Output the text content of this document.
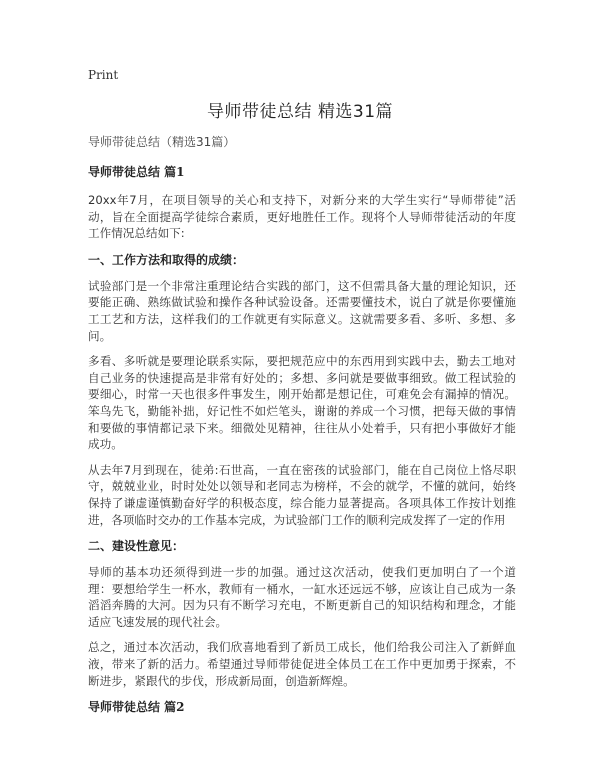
Print
导师带徒总结 精选31篇

导师带徒总结（精选31篇）

导师带徒总结 篇1

20xx年7月，在项目领导的关心和支持下，对新分来的大学生实行“导师带徒”活动，旨在全面提高学徒综合素质，更好地胜任工作。现将个人导师带徒活动的年度工作情况总结如下:

一、工作方法和取得的成绩：

试验部门是一个非常注重理论结合实践的部门，这不但需具备大量的理论知识，还要能正确、熟练做试验和操作各种试验设备。还需要懂技术，说白了就是你要懂施工工艺和方法，这样我们的工作就更有实际意义。这就需要多看、多听、多想、多问。

多看、多听就是要理论联系实际，要把规范应中的东西用到实践中去，勤去工地对自己业务的快速提高是非常有好处的；多想、多问就是要做事细致。做工程试验的要细心，时常一天也很多件事发生，刚开始都是想记住，可难免会有漏掉的情况。笨鸟先飞，勤能补拙，好记性不如烂笔头，谢谢的养成一个习惯，把每天做的事情和要做的事情都记录下来。细微处见精神，往往从小处着手，只有把小事做好才能成功。

从去年7月到现在，徒弟:石世高，一直在密孩的试验部门，能在自己岗位上恪尽职守，兢兢业业，时时处处以领导和老同志为榜样，不会的就学，不懂的就问，始终保持了谦虚谨慎勤奋好学的积极态度，综合能力显著提高。各项具体工作按计划推进，各项临时交办的工作基本完成，为试验部门工作的顺利完成发挥了一定的作用

二、建设性意见：

导师的基本功还须得到进一步的加强。通过这次活动，使我们更加明白了一个道理：要想给学生一杯水，教师有一桶水，一缸水还远远不够，应该让自己成为一条滔滔奔腾的大河。因为只有不断学习充电，不断更新自己的知识结构和理念，才能适应飞速发展的现代社会。

总之，通过本次活动，我们欣喜地看到了新员工成长，他们给我公司注入了新鲜血液，带来了新的活力。希望通过导师带徒促进全体员工在工作中更加勇于探索，不断进步，紧跟代的步伐，形成新局面，创造新辉煌。

导师带徒总结 篇2
